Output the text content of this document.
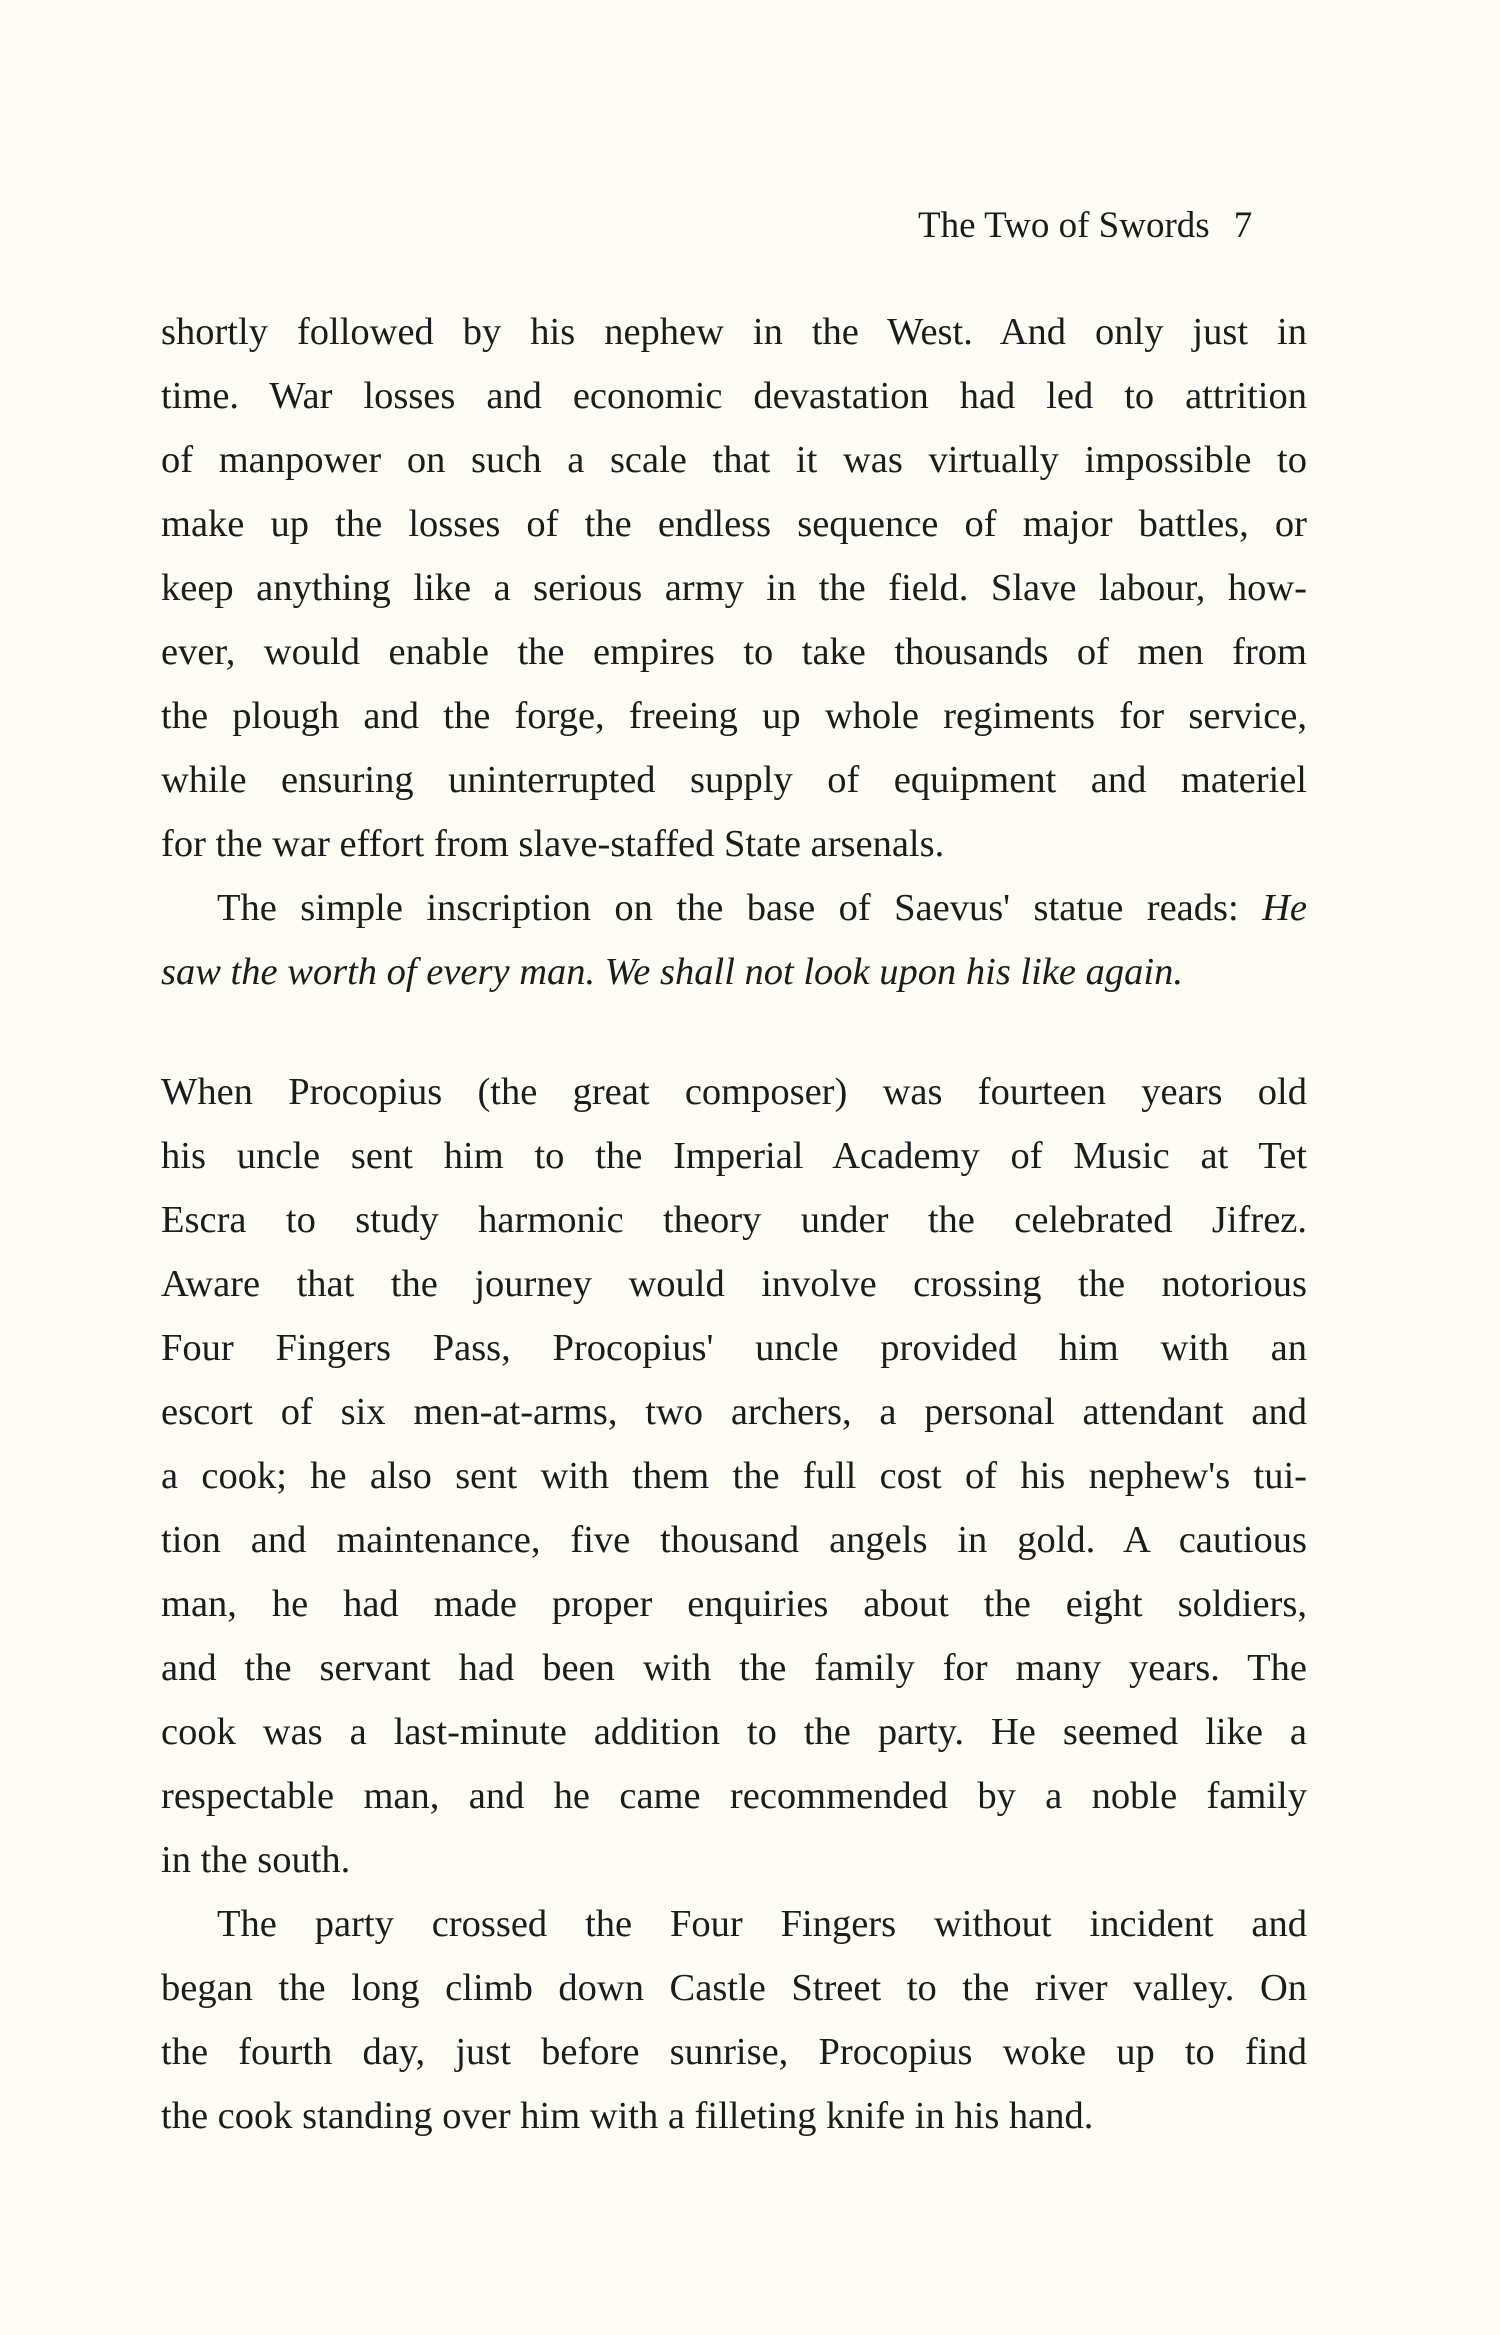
The Two of Swords 7
shortly followed by his nephew in the West. And only just in
time. War losses and economic devastation had led to attrition
of manpower on such a scale that it was virtually impossible to
make up the losses of the endless sequence of major battles, or
keep anything like a serious army in the field. Slave labour, how-
ever, would enable the empires to take thousands of men from
the plough and the forge, freeing up whole regiments for service,
while ensuring uninterrupted supply of equipment and materiel
for the war effort from slave-staffed State arsenals.
The simple inscription on the base of Saevus' statue reads: He
saw the worth of every man. We shall not look upon his like again.
When Procopius (the great composer) was fourteen years old
his uncle sent him to the Imperial Academy of Music at Tet
Escra to study harmonic theory under the celebrated Jifrez.
Aware that the journey would involve crossing the notorious
Four Fingers Pass, Procopius' uncle provided him with an
escort of six men-at-arms, two archers, a personal attendant and
a cook; he also sent with them the full cost of his nephew's tui-
tion and maintenance, five thousand angels in gold. A cautious
man, he had made proper enquiries about the eight soldiers,
and the servant had been with the family for many years. The
cook was a last-minute addition to the party. He seemed like a
respectable man, and he came recommended by a noble family
in the south.
The party crossed the Four Fingers without incident and
began the long climb down Castle Street to the river valley. On
the fourth day, just before sunrise, Procopius woke up to find
the cook standing over him with a filleting knife in his hand.
